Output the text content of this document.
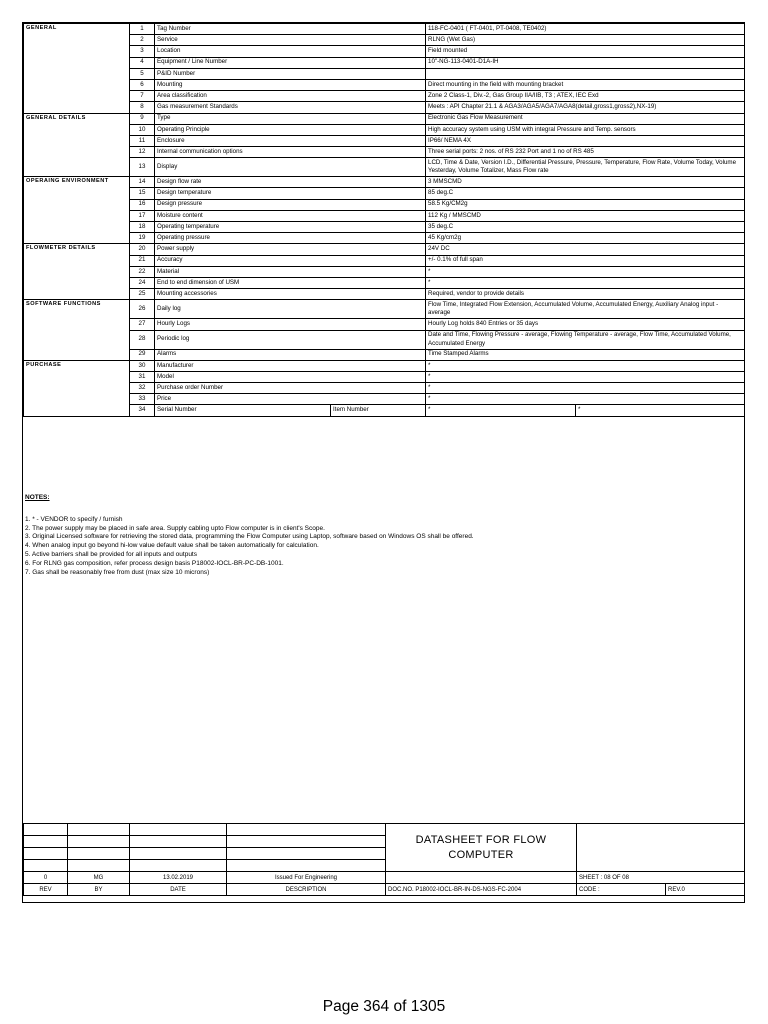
GENERAL	1	Tag Number		118-FC-0401 ( FT-0401, PT-0408, TE0402)	
	2	Service		RLNG (Wet Gas)	
	3	Location		Field mounted	
	4	Equipment / Line Number		10"-NG-113-0401-D1A-IH	
	5	P&ID Number			
	6	Mounting		Direct mounting in the field with mounting bracket	
	7	Area classification		Zone 2 Class-1, Div.-2, Gas Group IIA/IIB, T3 ; ATEX, IEC Exd	
	8	Gas measurement Standards		Meets : API Chapter 21.1 & AGA3/AGA5/AGA7/AGA8(detail,gross1,gross2),NX-19)	
GENERAL DETAILS	9	Type		Electronic Gas Flow Measurement	
	10	Operating Principle		High accuracy system using USM with integral Pressure and Temp. sensors	
	11	Enclosure		IP66/ NEMA 4X	
	12	Internal communication options		Three serial ports: 2 nos. of RS 232 Port and 1 no of RS 485	
	13	Display		LCD, Time & Date, Version I.D., Differential Pressure, Pressure, Temperature, Flow Rate, Volume Today, Volume Yesterday, Volume Totalizer, Mass Flow rate	
OPERAING ENVIRONMENT	14	Design flow rate		3 MMSCMD	
	15	Design temperature		85 deg.C	
	16	Design pressure		58.5 Kg/CM2g	
	17	Moisture content		112 Kg / MMSCMD	
	18	Operating temperature		35 deg.C	
	19	Operating pressure		45 Kg/cm2g	
FLOWMETER DETAILS	20	Power supply		24V DC	
	21	Accuracy		+/- 0.1% of full span	
	22	Material		*	
	24	End to end dimension of USM		*	
	25	Mounting accessories		Required, vendor to provide details	
SOFTWARE FUNCTIONS	26	Daily log		Flow Time, Integrated Flow Extension, Accumulated Volume, Accumulated Energy, Auxiliary Analog input - average	
	27	Hourly Logs		Hourly Log holds 840 Entries or 35 days	
	28	Periodic log		Date and Time, Flowing Pressure - average, Flowing Temperature - average, Flow Time, Accumulated Volume, Accumulated Energy	
	29	Alarms		Time Stamped Alarms	
PURCHASE	30	Manufacturer		*	
	31	Model		*	
	32	Purchase order Number		*	
	33	Price		*	
	34	Serial Number	Item Number	*	*
NOTES:
1. * - VENDOR to specify / furnish
2. The power supply may be placed in safe area. Supply cabling upto Flow computer is in client's Scope.
3. Original Licensed software for retrieving the stored data, programming the Flow Computer using Laptop, software based on Windows OS shall be offered.
4. When analog input go beyond hi-low value default value shall be taken automatically for calculation.
5. Active barriers shall be provided for all inputs and outputs
6. For RLNG gas composition, refer process design basis P18002-IOCL-BR-PC-DB-1001.
7. Gas shall be reasonably free from dust (max size 10 microns)
				DATASHEET FOR FLOW
COMPUTER		

0	MG	13.02.2019	Issued For Engineering		SHEET : 08 OF 08	
REV	BY	DATE	DESCRIPTION	DOC.NO. P18002-IOCL-BR-IN-DS-NGS-FC-2004	CODE :	REV.0
Page 364 of 1305
